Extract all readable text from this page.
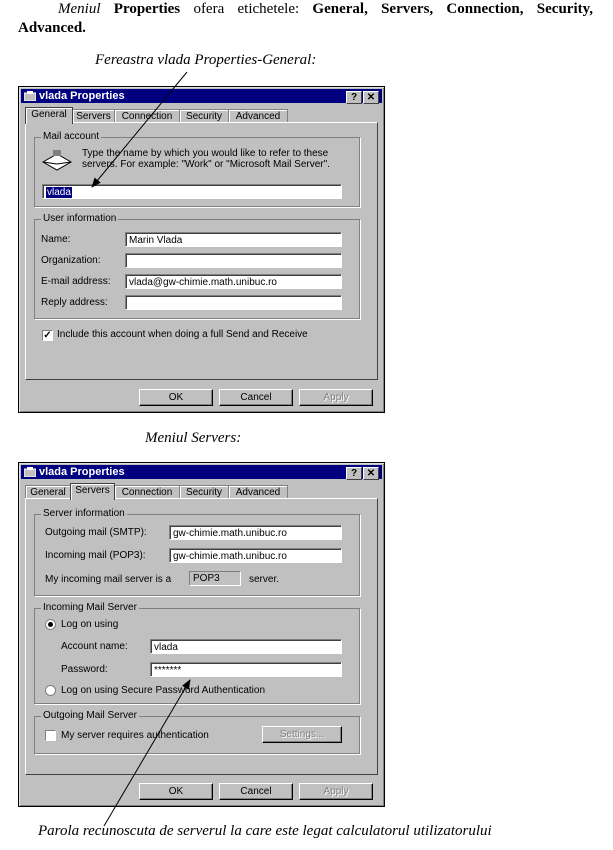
Meniul Properties ofera etichetele: General, Servers, Connection, Security, Advanced.
Fereastra vlada Properties-General:
vlada Properties	? ✕
General Servers	Connection	Security	Advanced
Mail account
Type the name by which you would like to refer to these servers. For example: "Work" or "Microsoft Mail Server".
vlada
User information
Name:	Marin Vlada
Organization:
E-mail address:	vlada@gw-chimie.math.unibuc.ro
Reply address:
✓ Include this account when doing a full Send and Receive
OK	Cancel	Apply
Meniul Servers:
vlada Properties	? ✕
General Servers	Connection	Security	Advanced
Server information
Outgoing mail (SMTP):	gw-chimie.math.unibuc.ro
Incoming mail (POP3):	gw-chimie.math.unibuc.ro
My incoming mail server is a	POP3	server.
Incoming Mail Server
Log on using
Account name:	vlada
Password:	*******
Log on using Secure Password Authentication
Outgoing Mail Server
My server requires authentication	Settings...
OK	Cancel	Apply
Parola recunoscuta de serverul la care este legat calculatorul utilizatorului
